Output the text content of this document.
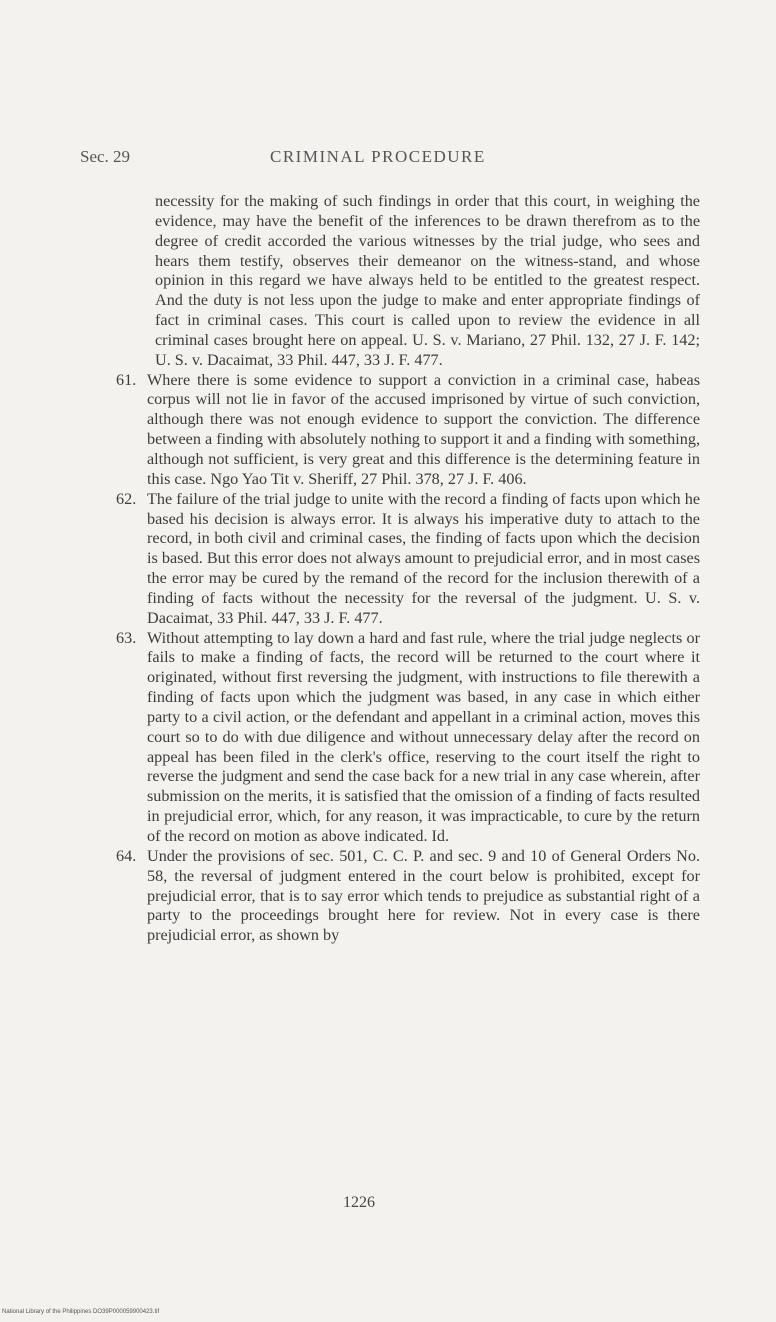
Sec. 29	CRIMINAL PROCEDURE

necessity for the making of such findings in order that this court, in weighing the evidence, may have the benefit of the inferences to be drawn therefrom as to the degree of credit accorded the various witnesses by the trial judge, who sees and hears them testify, observes their demeanor on the witness-stand, and whose opinion in this regard we have always held to be entitled to the greatest respect. And the duty is not less upon the judge to make and enter appropriate findings of fact in criminal cases. This court is called upon to review the evidence in all criminal cases brought here on appeal. U. S. v. Mariano, 27 Phil. 132, 27 J. F. 142; U. S. v. Dacaimat, 33 Phil. 447, 33 J. F. 477.

61. Where there is some evidence to support a conviction in a criminal case, habeas corpus will not lie in favor of the accused imprisoned by virtue of such conviction, although there was not enough evidence to support the conviction. The difference between a finding with absolutely nothing to support it and a finding with something, although not sufficient, is very great and this difference is the determining feature in this case. Ngo Yao Tit v. Sheriff, 27 Phil. 378, 27 J. F. 406.

62. The failure of the trial judge to unite with the record a finding of facts upon which he based his decision is always error. It is always his imperative duty to attach to the record, in both civil and criminal cases, the finding of facts upon which the decision is based. But this error does not always amount to prejudicial error, and in most cases the error may be cured by the remand of the record for the inclusion therewith of a finding of facts without the necessity for the reversal of the judgment. U. S. v. Dacaimat, 33 Phil. 447, 33 J. F. 477.

63. Without attempting to lay down a hard and fast rule, where the trial judge neglects or fails to make a finding of facts, the record will be returned to the court where it originated, without first reversing the judgment, with instructions to file therewith a finding of facts upon which the judgment was based, in any case in which either party to a civil action, or the defendant and appellant in a criminal action, moves this court so to do with due diligence and without unnecessary delay after the record on appeal has been filed in the clerk's office, reserving to the court itself the right to reverse the judgment and send the case back for a new trial in any case wherein, after submission on the merits, it is satisfied that the omission of a finding of facts resulted in prejudicial error, which, for any reason, it was impracticable, to cure by the return of the record on motion as above indicated. Id.

64. Under the provisions of sec. 501, C. C. P. and sec. 9 and 10 of General Orders No. 58, the reversal of judgment entered in the court below is prohibited, except for prejudicial error, that is to say error which tends to prejudice as substantial right of a party to the proceedings brought here for review. Not in every case is there prejudicial error, as shown by

1226
National Library of the Philippines DO39P000059900423.tif
